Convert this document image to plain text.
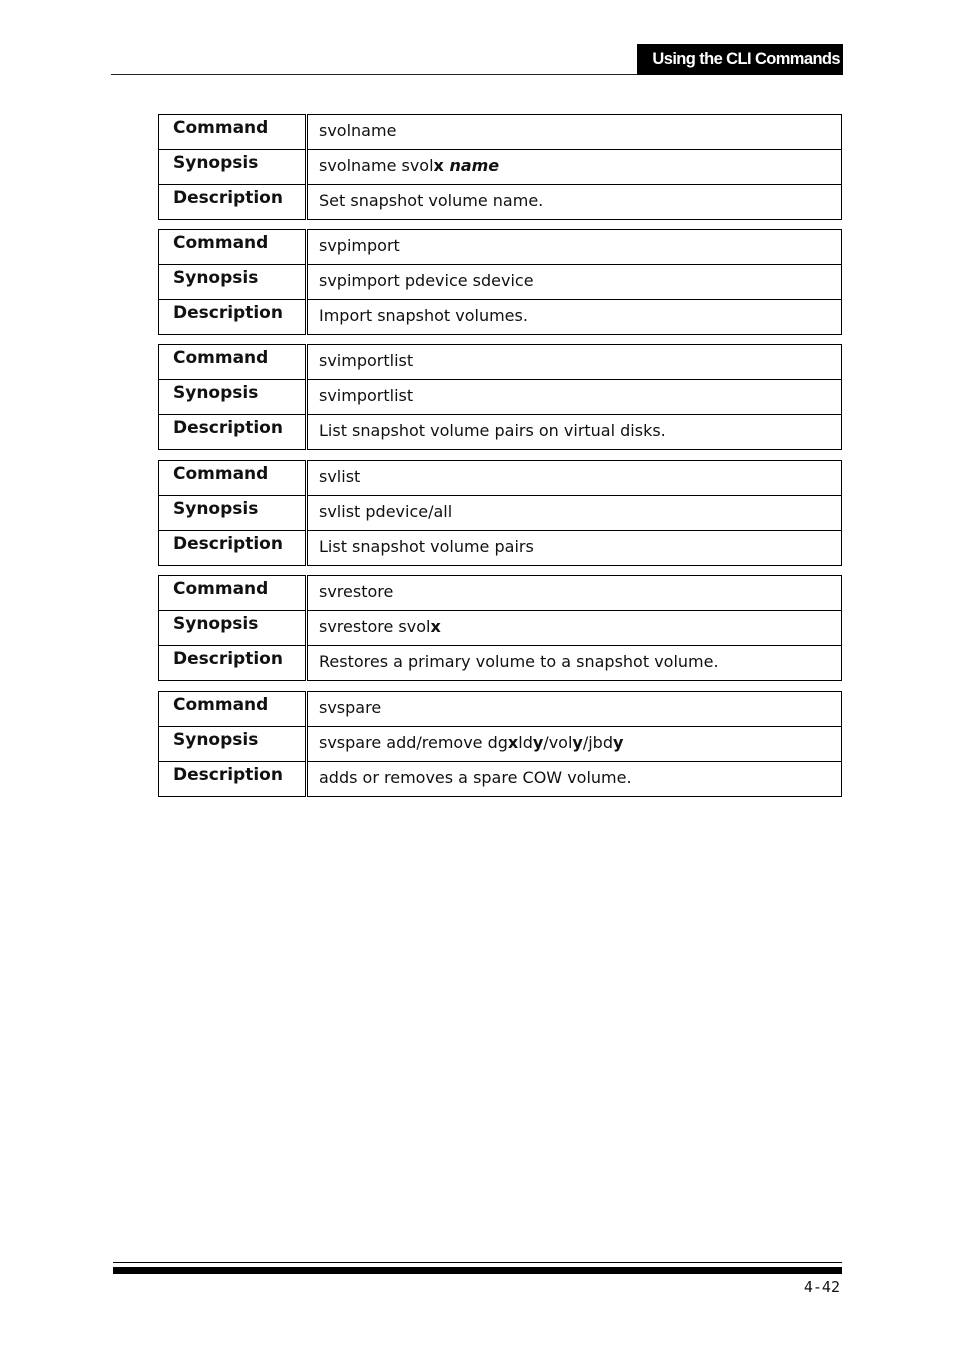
Using the CLI Commands
Command	svolname
Synopsis	svolname svolx name
Description	Set snapshot volume name.
Command	svpimport
Synopsis	svpimport pdevice sdevice
Description	Import snapshot volumes.
Command	svimportlist
Synopsis	svimportlist
Description	List snapshot volume pairs on virtual disks.
Command	svlist
Synopsis	svlist pdevice/all
Description	List snapshot volume pairs
Command	svrestore
Synopsis	svrestore svolx
Description	Restores a primary volume to a snapshot volume.
Command	svspare
Synopsis	svspare add/remove dgxldy/voly/jbdy
Description	adds or removes a spare COW volume.
4-42
